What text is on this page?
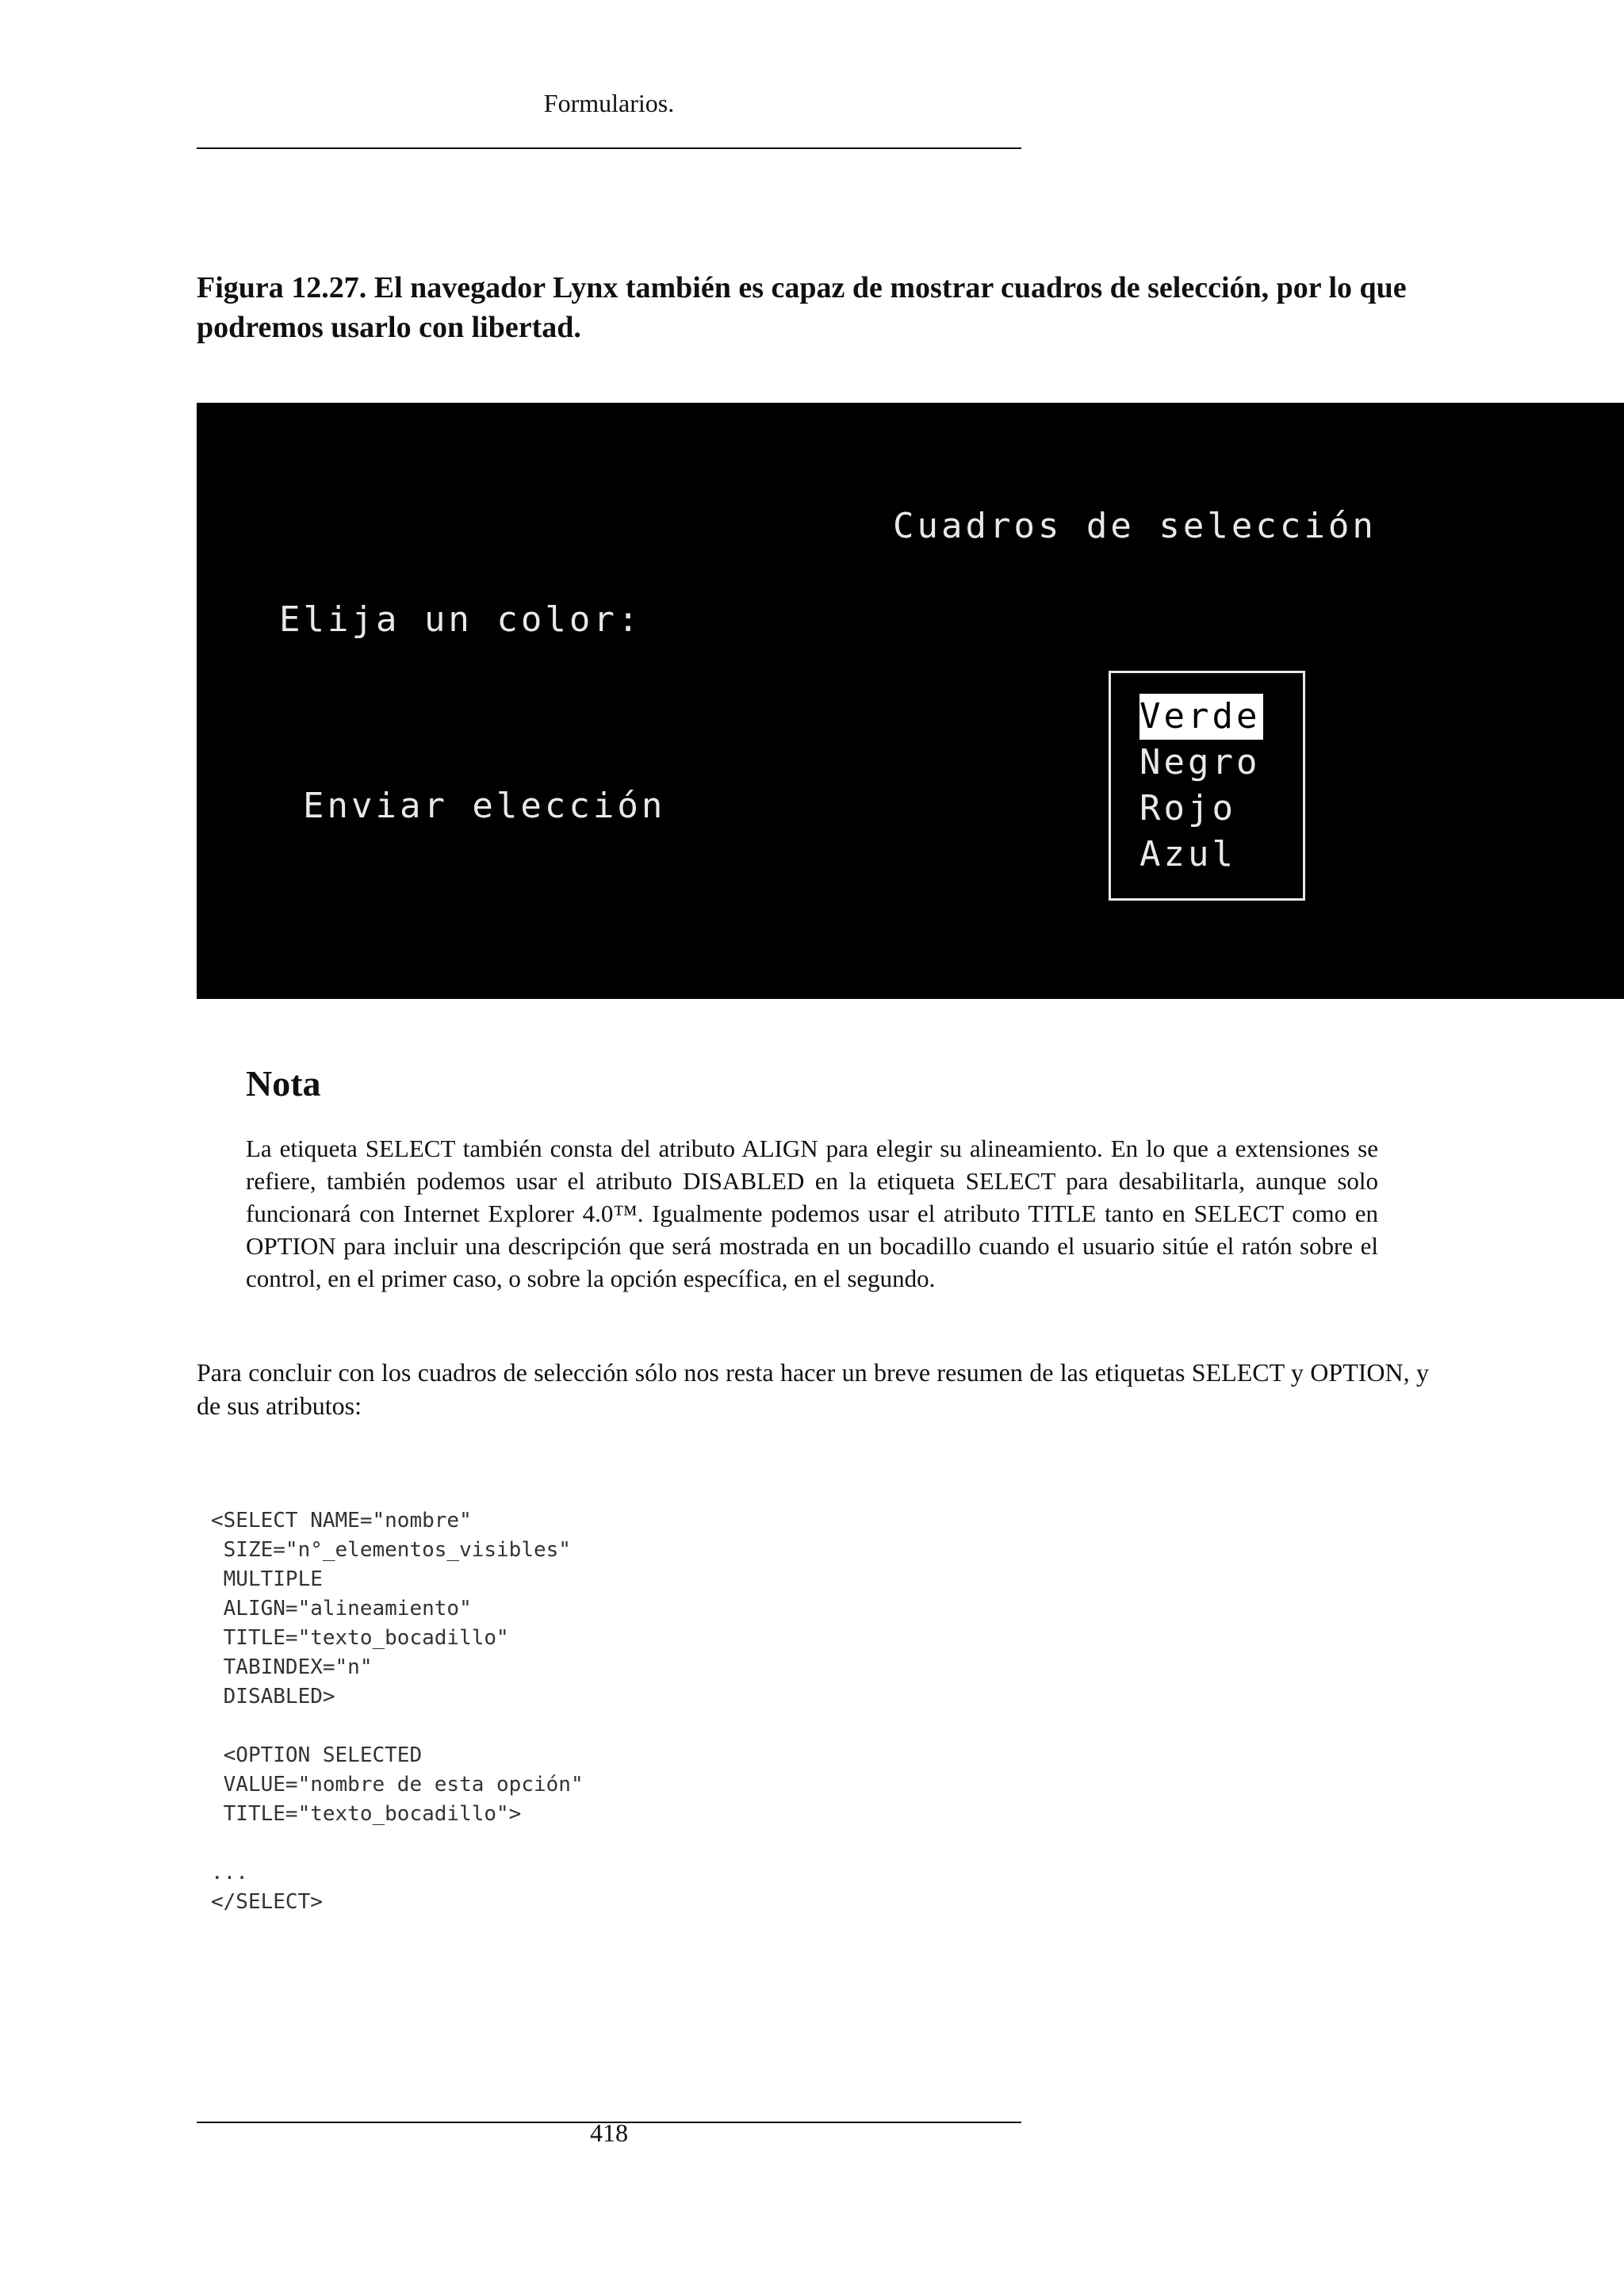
Formularios.
Figura 12.27. El navegador Lynx también es capaz de mostrar cuadros de selección, por lo que podremos usarlo con libertad.
Cuadros de selección
Elija un color:
Enviar elección
Verde
Negro
Rojo
Azul
Nota

La etiqueta SELECT también consta del atributo ALIGN para elegir su alineamiento. En lo que a extensiones se refiere, también podemos usar el atributo DISABLED en la etiqueta SELECT para desabilitarla, aunque solo funcionará con Internet Explorer 4.0™. Igualmente podemos usar el atributo TITLE tanto en SELECT como en OPTION para incluir una descripción que será mostrada en un bocadillo cuando el usuario sitúe el ratón sobre el control, en el primer caso, o sobre la opción específica, en el segundo.

Para concluir con los cuadros de selección sólo nos resta hacer un breve resumen de las etiquetas SELECT y OPTION, y de sus atributos:

<SELECT NAME="nombre"
SIZE="n°_elementos_visibles"
MULTIPLE
ALIGN="alineamiento"
TITLE="texto_bocadillo"
TABINDEX="n"
DISABLED>

<OPTION SELECTED
VALUE="nombre de esta opción"
TITLE="texto_bocadillo">

...
</SELECT>
418
